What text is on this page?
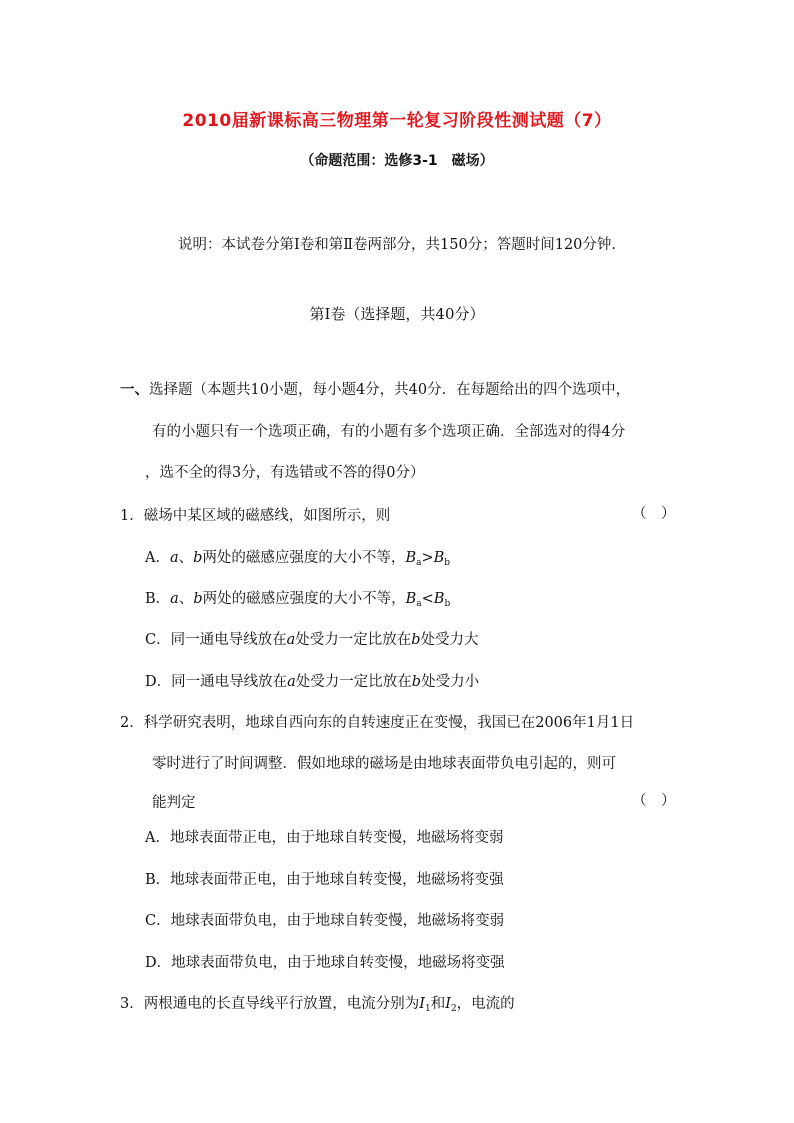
2010届新课标高三物理第一轮复习阶段性测试题（7）
（命题范围：选修3-1　磁场）
说明：本试卷分第Ⅰ卷和第Ⅱ卷两部分，共150分；答题时间120分钟.
第Ⅰ卷（选择题，共40分）
一、选择题（本题共10小题，每小题4分，共40分．在每题给出的四个选项中，
有的小题只有一个选项正确，有的小题有多个选项正确．全部选对的得4分
，选不全的得3分，有选错或不答的得0分）
1．磁场中某区域的磁感线，如图所示，则	（　）
A．a、b两处的磁感应强度的大小不等，$B_a>B_b$
B．a、b两处的磁感应强度的大小不等，$B_a<B_b$
C．同一通电导线放在a处受力一定比放在b处受力大
D．同一通电导线放在a处受力一定比放在b处受力小
2．科学研究表明，地球自西向东的自转速度正在变慢，我国已在2006年1月1日
零时进行了时间调整．假如地球的磁场是由地球表面带负电引起的，则可
能判定	（　）
A．地球表面带正电，由于地球自转变慢，地磁场将变弱
B．地球表面带正电，由于地球自转变慢，地磁场将变强
C．地球表面带负电，由于地球自转变慢，地磁场将变弱
D．地球表面带负电，由于地球自转变慢，地磁场将变强
3．两根通电的长直导线平行放置，电流分别为$I_1$和$I_2$，电流的
